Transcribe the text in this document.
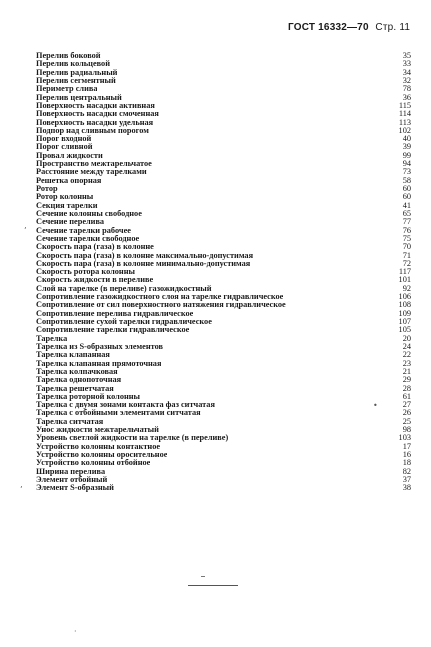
ГОСТ 16332—70 Стр. 11
Перелив боковой	35
Перелив кольцевой	33
Перелив радиальный	34
Перелив сегментный	32
Периметр слива	78
Перелив центральный	36
Поверхность насадки активная	115
Поверхность насадки смоченная	114
Поверхность насадки удельная	113
Подпор над сливным порогом	102
Порог входной	40
Порог сливной	39
Провал жидкости	99
Пространство межтарельчатое	94
Расстояние между тарелками	73
Решетка опорная	58
Ротор	60
Ротор колонны	60
Секция тарелки	41
Сечение колонны свободное	65
Сечение перелива	77
Сечение тарелки рабочее	76
Сечение тарелки свободное	75
Скорость пара (газа) в колонне	70
Скорость пара (газа) в колонне максимально-допустимая	71
Скорость пара (газа) в колонне минимально-допустимая	72
Скорость ротора колонны	117
Скорость жидкости в переливе	101
Слой на тарелке (в переливе) газожидкостный	92
Сопротивление газожидкостного слоя на тарелке гидравлическое	106
Сопротивление от сил поверхностного натяжения гидравлическое	108
Сопротивление перелива гидравлическое	109
Сопротивление сухой тарелки гидравлическое	107
Сопротивление тарелки гидравлическое	105
Тарелка	20
Тарелка из S-образных элементов	24
Тарелка клапанная	22
Тарелка клапанная прямоточная	23
Тарелка колпачковая	21
Тарелка однопоточная	29
Тарелка решетчатая	28
Тарелка роторной колонны	61
Тарелка с двумя зонами контакта фаз ситчатая	27
Тарелка с отбойными элементами ситчатая	26
Тарелка ситчатая	25
Унос жидкости межтарельчатый	98
Уровень светлой жидкости на тарелке (в переливе)	103
Устройство колонны контактное	17
Устройство колонны оросительное	16
Устройство колонны отбойное	18
Ширина перелива	82
Элемент отбойный	37
Элемент S-образный	38
ʼ
•
ʼ
·
